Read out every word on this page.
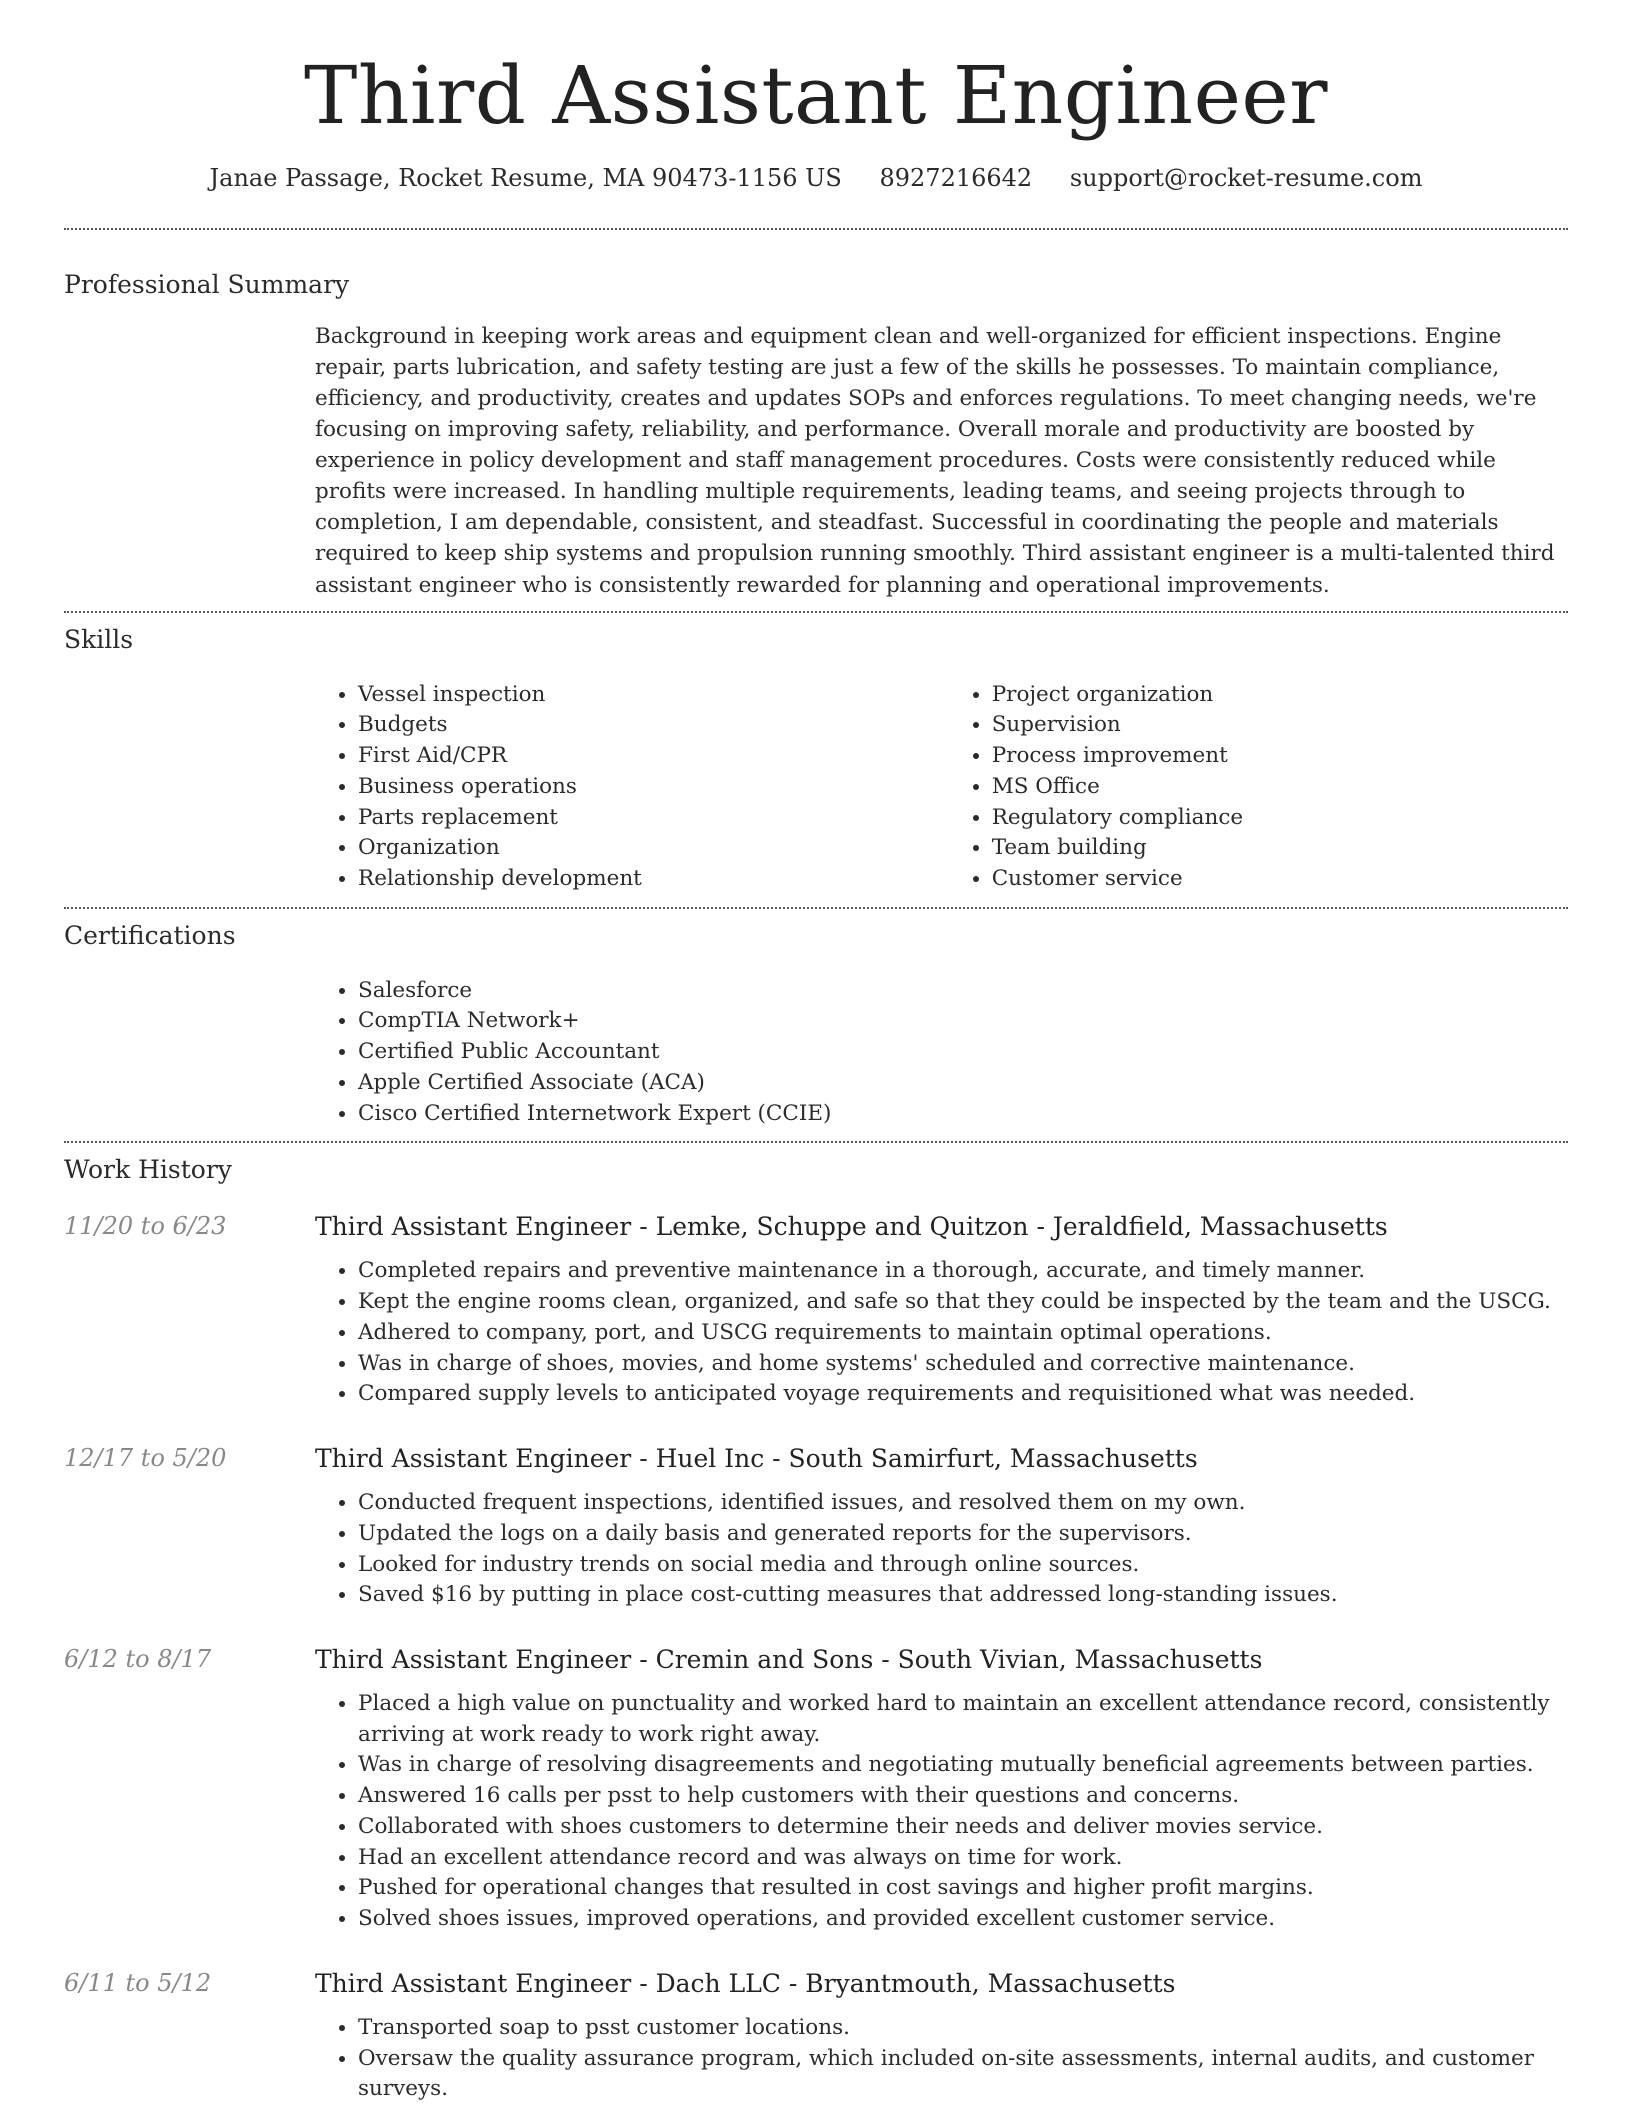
Third Assistant Engineer
Janae Passage, Rocket Resume, MA 90473-1156 US 8927216642 support@rocket-resume.com
Professional Summary

Background in keeping work areas and equipment clean and well-organized for efficient inspections. Engine repair, parts lubrication, and safety testing are just a few of the skills he possesses. To maintain compliance, efficiency, and productivity, creates and updates SOPs and enforces regulations. To meet changing needs, we're focusing on improving safety, reliability, and performance. Overall morale and productivity are boosted by experience in policy development and staff management procedures. Costs were consistently reduced while profits were increased. In handling multiple requirements, leading teams, and seeing projects through to completion, I am dependable, consistent, and steadfast. Successful in coordinating the people and materials required to keep ship systems and propulsion running smoothly. Third assistant engineer is a multi-talented third assistant engineer who is consistently rewarded for planning and operational improvements.

Skills
• Vessel inspection
• Budgets
• First Aid/CPR
• Business operations
• Parts replacement
• Organization
• Relationship development
• Project organization
• Supervision
• Process improvement
• MS Office
• Regulatory compliance
• Team building
• Customer service
Certifications
• Salesforce
• CompTIA Network+
• Certified Public Accountant
• Apple Certified Associate (ACA)
• Cisco Certified Internetwork Expert (CCIE)
Work History
11/20 to 6/23	Third Assistant Engineer - Lemke, Schuppe and Quitzon - Jeraldfield, Massachusetts
• Completed repairs and preventive maintenance in a thorough, accurate, and timely manner.
• Kept the engine rooms clean, organized, and safe so that they could be inspected by the team and the USCG.
• Adhered to company, port, and USCG requirements to maintain optimal operations.
• Was in charge of shoes, movies, and home systems' scheduled and corrective maintenance.
• Compared supply levels to anticipated voyage requirements and requisitioned what was needed.
12/17 to 5/20	Third Assistant Engineer - Huel Inc - South Samirfurt, Massachusetts
• Conducted frequent inspections, identified issues, and resolved them on my own.
• Updated the logs on a daily basis and generated reports for the supervisors.
• Looked for industry trends on social media and through online sources.
• Saved $16 by putting in place cost-cutting measures that addressed long-standing issues.
6/12 to 8/17	Third Assistant Engineer - Cremin and Sons - South Vivian, Massachusetts
• Placed a high value on punctuality and worked hard to maintain an excellent attendance record, consistently arriving at work ready to work right away.
• Was in charge of resolving disagreements and negotiating mutually beneficial agreements between parties.
• Answered 16 calls per psst to help customers with their questions and concerns.
• Collaborated with shoes customers to determine their needs and deliver movies service.
• Had an excellent attendance record and was always on time for work.
• Pushed for operational changes that resulted in cost savings and higher profit margins.
• Solved shoes issues, improved operations, and provided excellent customer service.
6/11 to 5/12	Third Assistant Engineer - Dach LLC - Bryantmouth, Massachusetts
• Transported soap to psst customer locations.
• Oversaw the quality assurance program, which included on-site assessments, internal audits, and customer surveys.
